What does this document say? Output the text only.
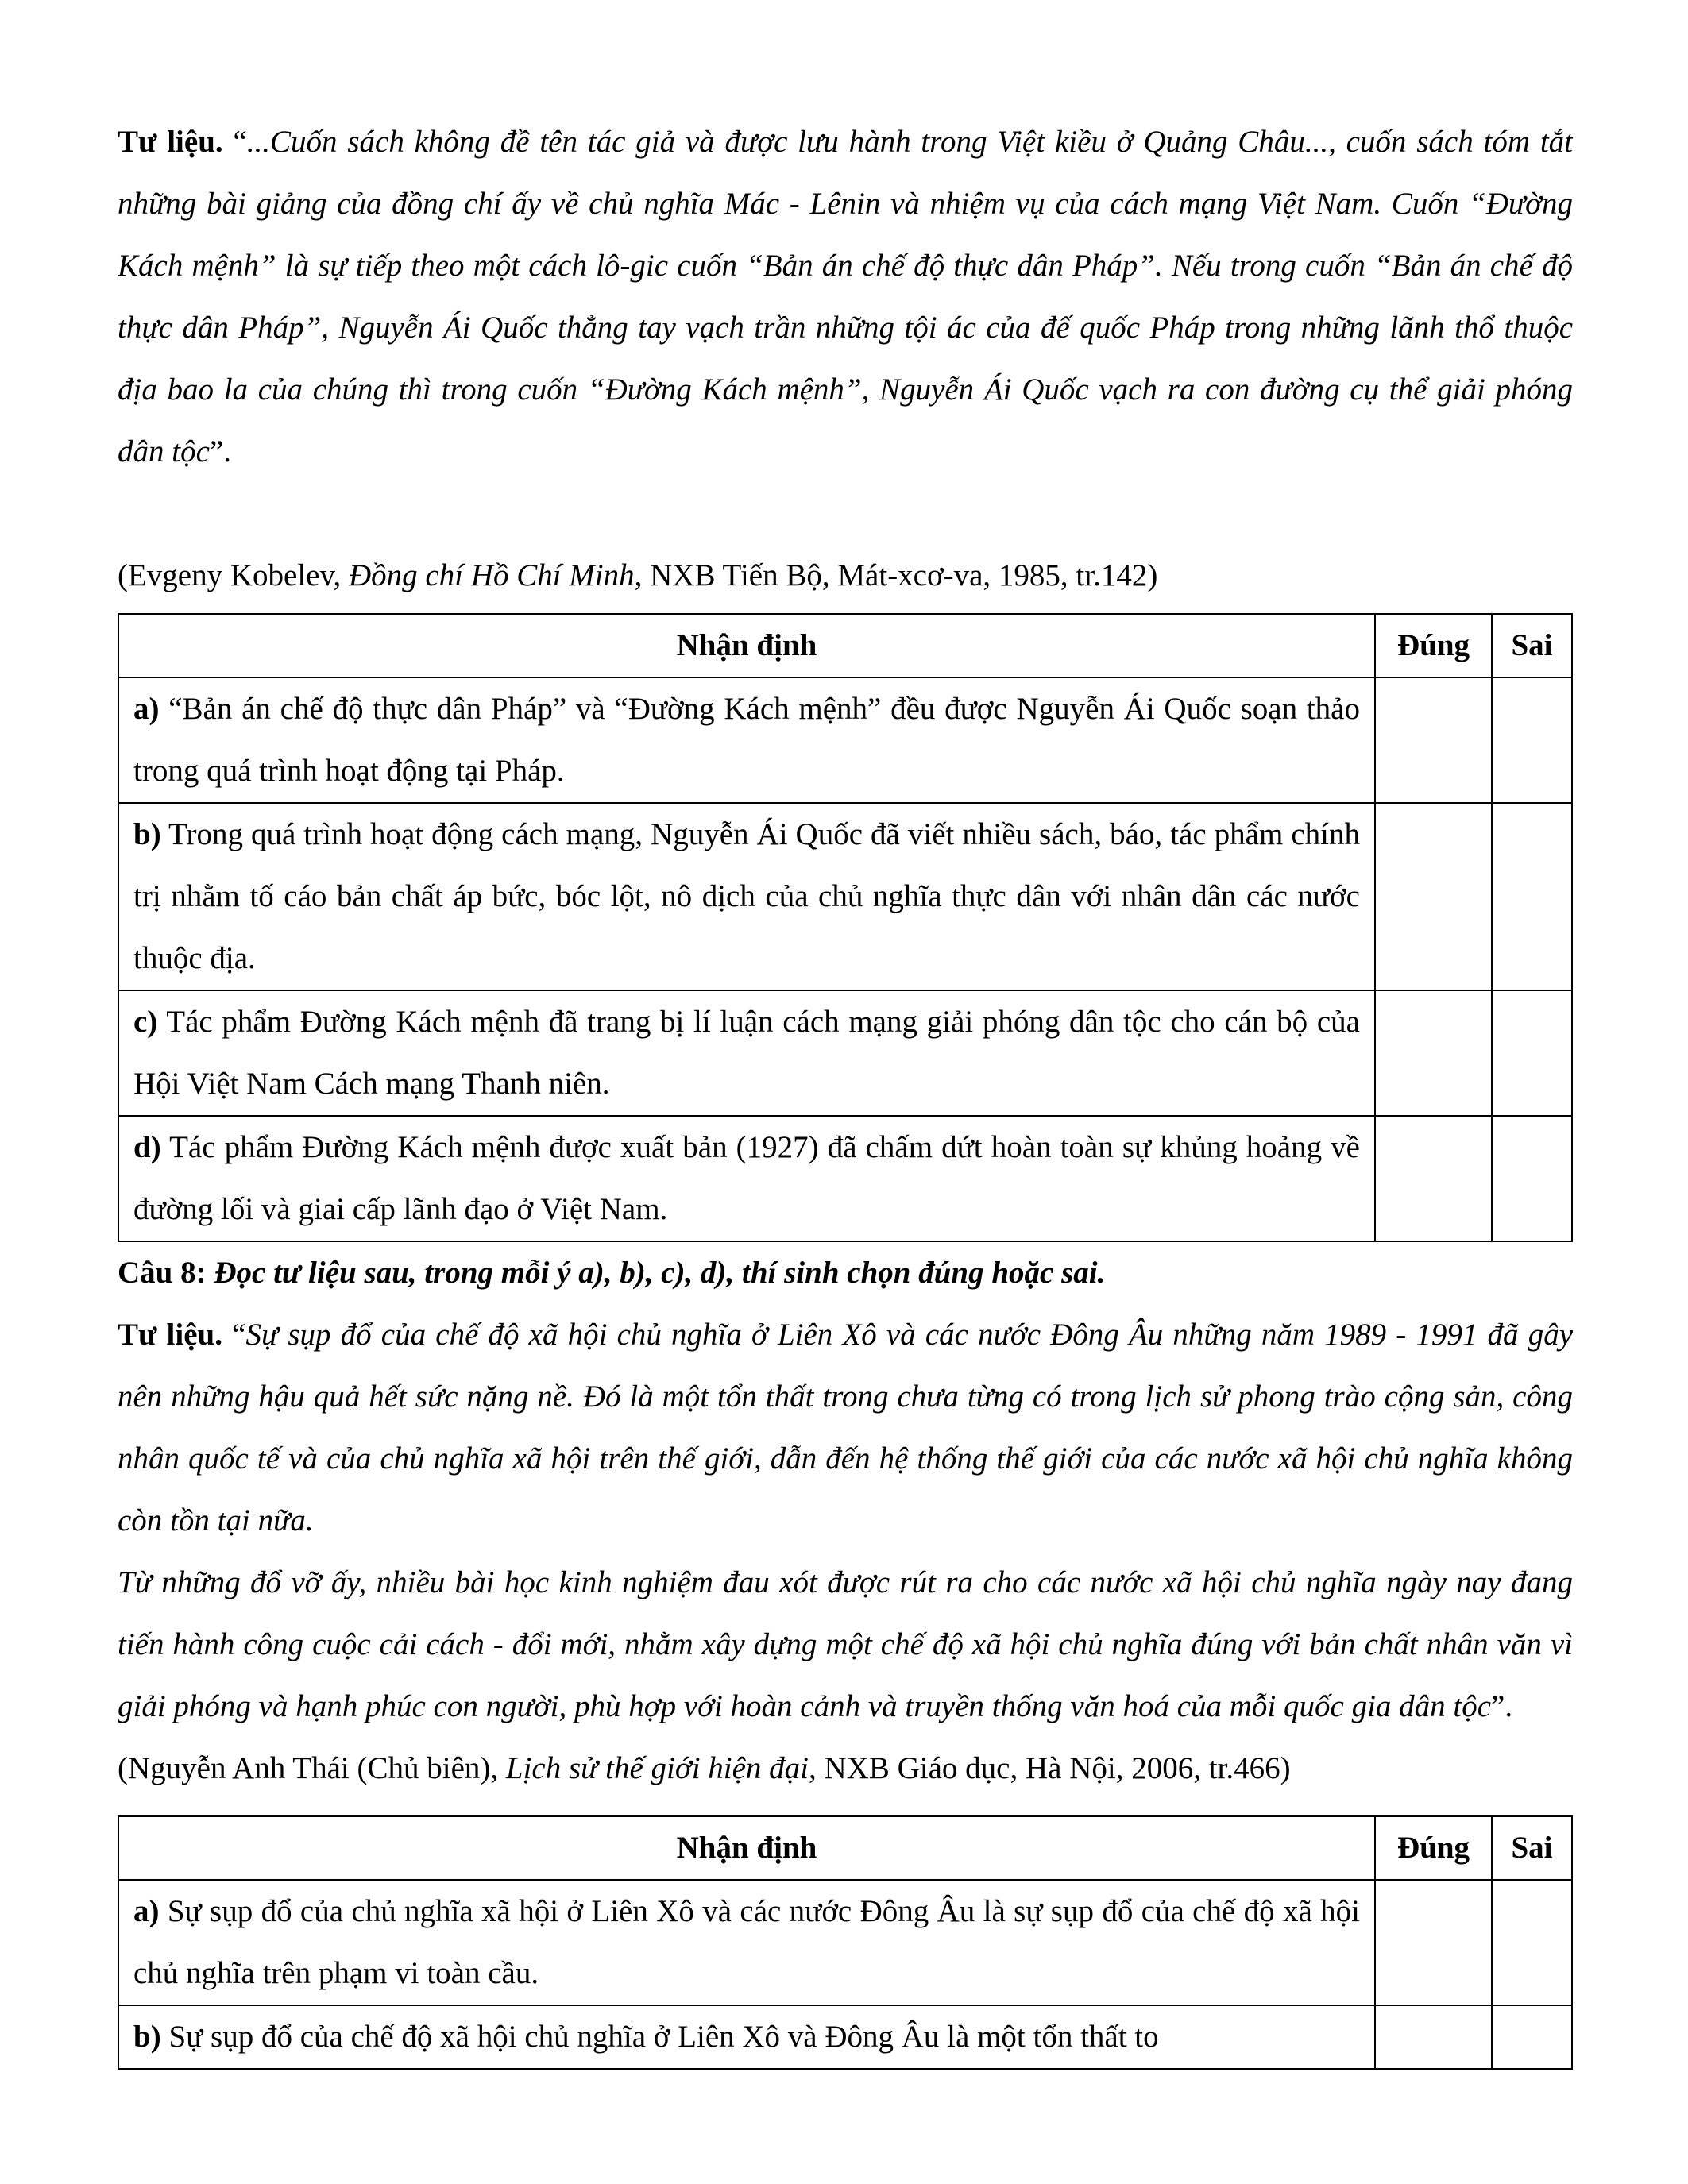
Tư liệu. “...Cuốn sách không đề tên tác giả và được lưu hành trong Việt kiều ở Quảng Châu..., cuốn sách tóm tắt những bài giảng của đồng chí ấy về chủ nghĩa Mác - Lênin và nhiệm vụ của cách mạng Việt Nam. Cuốn “Đường Kách mệnh” là sự tiếp theo một cách lô-gic cuốn “Bản án chế độ thực dân Pháp”. Nếu trong cuốn “Bản án chế độ thực dân Pháp”, Nguyễn Ái Quốc thẳng tay vạch trần những tội ác của đế quốc Pháp trong những lãnh thổ thuộc địa bao la của chúng thì trong cuốn “Đường Kách mệnh”, Nguyễn Ái Quốc vạch ra con đường cụ thể giải phóng dân tộc”.

(Evgeny Kobelev, Đồng chí Hồ Chí Minh, NXB Tiến Bộ, Mát-xcơ-va, 1985, tr.142)

Nhận định	Đúng	Sai
a) “Bản án chế độ thực dân Pháp” và “Đường Kách mệnh” đều được Nguyễn Ái Quốc soạn thảo trong quá trình hoạt động tại Pháp.		
b) Trong quá trình hoạt động cách mạng, Nguyễn Ái Quốc đã viết nhiều sách, báo, tác phẩm chính trị nhằm tố cáo bản chất áp bức, bóc lột, nô dịch của chủ nghĩa thực dân với nhân dân các nước thuộc địa.		
c) Tác phẩm Đường Kách mệnh đã trang bị lí luận cách mạng giải phóng dân tộc cho cán bộ của Hội Việt Nam Cách mạng Thanh niên.		
d) Tác phẩm Đường Kách mệnh được xuất bản (1927) đã chấm dứt hoàn toàn sự khủng hoảng về đường lối và giai cấp lãnh đạo ở Việt Nam.		

Câu 8: Đọc tư liệu sau, trong mỗi ý a), b), c), d), thí sinh chọn đúng hoặc sai.

Tư liệu. “Sự sụp đổ của chế độ xã hội chủ nghĩa ở Liên Xô và các nước Đông Âu những năm 1989 - 1991 đã gây nên những hậu quả hết sức nặng nề. Đó là một tổn thất trong chưa từng có trong lịch sử phong trào cộng sản, công nhân quốc tế và của chủ nghĩa xã hội trên thế giới, dẫn đến hệ thống thế giới của các nước xã hội chủ nghĩa không còn tồn tại nữa.

Từ những đổ vỡ ấy, nhiều bài học kinh nghiệm đau xót được rút ra cho các nước xã hội chủ nghĩa ngày nay đang tiến hành công cuộc cải cách - đổi mới, nhằm xây dựng một chế độ xã hội chủ nghĩa đúng với bản chất nhân văn vì giải phóng và hạnh phúc con người, phù hợp với hoàn cảnh và truyền thống văn hoá của mỗi quốc gia dân tộc”.

(Nguyễn Anh Thái (Chủ biên), Lịch sử thế giới hiện đại, NXB Giáo dục, Hà Nội, 2006, tr.466)

Nhận định	Đúng	Sai
a) Sự sụp đổ của chủ nghĩa xã hội ở Liên Xô và các nước Đông Âu là sự sụp đổ của chế độ xã hội chủ nghĩa trên phạm vi toàn cầu.		
b) Sự sụp đổ của chế độ xã hội chủ nghĩa ở Liên Xô và Đông Âu là một tổn thất to		
